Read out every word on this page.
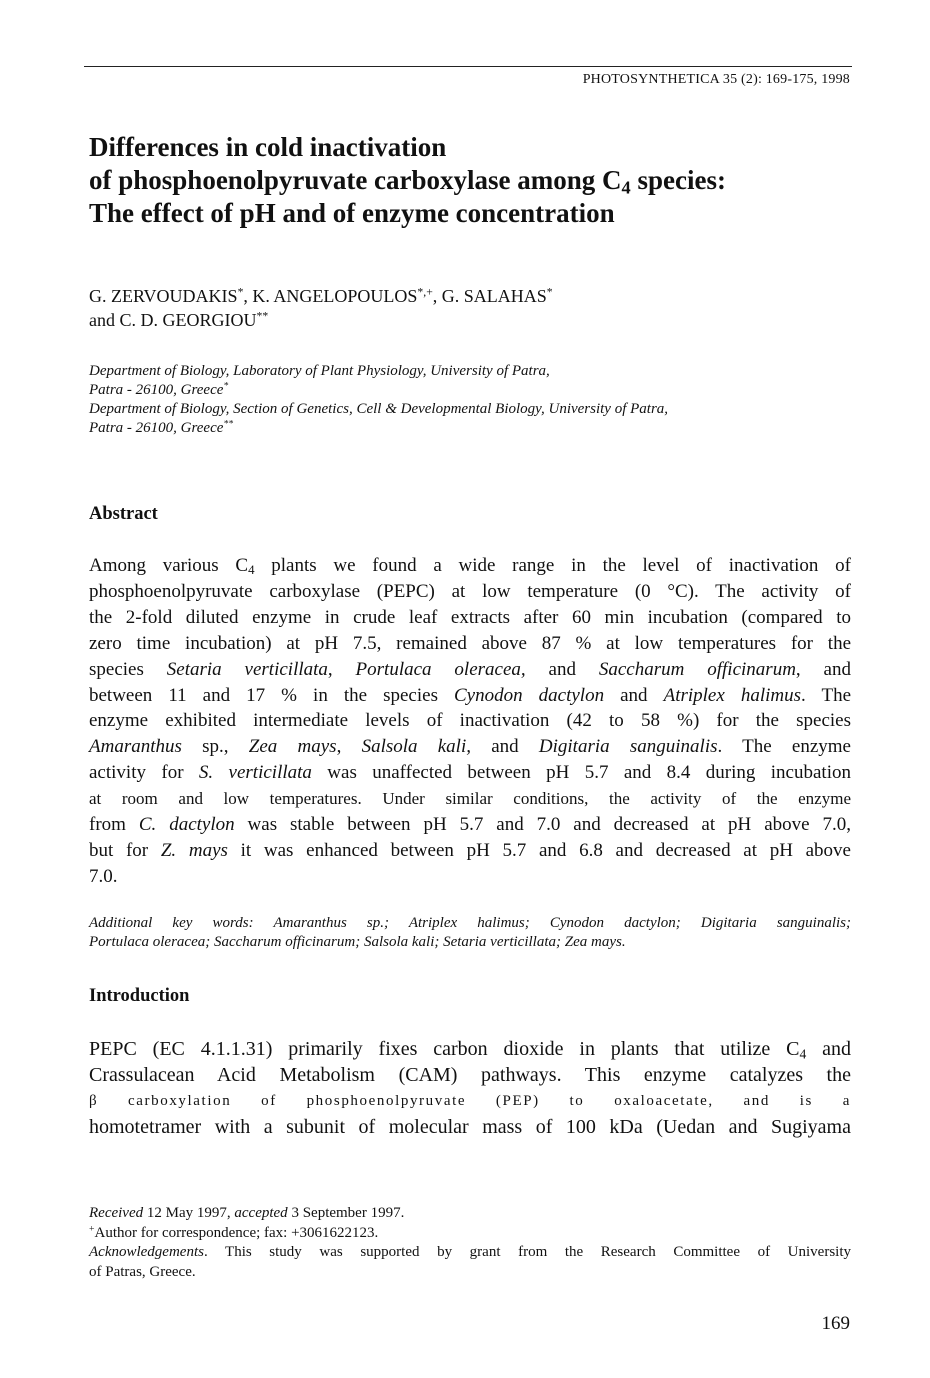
PHOTOSYNTHETICA 35 (2): 169-175, 1998
Differences in cold inactivation
of phosphoenolpyruvate carboxylase among $C_4$ species:
The effect of pH and of enzyme concentration
G. ZERVOUDAKIS*, K. ANGELOPOULOS*,+, G. SALAHAS*
and C. D. GEORGIOU**
Department of Biology, Laboratory of Plant Physiology, University of Patra,
Patra - 26100, Greece*
Department of Biology, Section of Genetics, Cell & Developmental Biology, University of Patra,
Patra - 26100, Greece**
Abstract
Among various $C_4$ plants we found a wide range in the level of inactivation of
phosphoenolpyruvate carboxylase (PEPC) at low temperature (0 °C). The activity of
the 2-fold diluted enzyme in crude leaf extracts after 60 min incubation (compared to
zero time incubation) at pH 7.5, remained above 87 % at low temperatures for the
species Setaria verticillata, Portulaca oleracea, and Saccharum officinarum, and
between 11 and 17 % in the species Cynodon dactylon and Atriplex halimus. The
enzyme exhibited intermediate levels of inactivation (42 to 58 %) for the species
Amaranthus sp., Zea mays, Salsola kali, and Digitaria sanguinalis. The enzyme
activity for S. verticillata was unaffected between pH 5.7 and 8.4 during incubation
at room and low temperatures. Under similar conditions, the activity of the enzyme
from C. dactylon was stable between pH 5.7 and 7.0 and decreased at pH above 7.0,
but for Z. mays it was enhanced between pH 5.7 and 6.8 and decreased at pH above
7.0.
Additional key words: Amaranthus sp.; Atriplex halimus; Cynodon dactylon; Digitaria sanguinalis;
Portulaca oleracea; Saccharum officinarum; Salsola kali; Setaria verticillata; Zea mays.
Introduction
PEPC (EC 4.1.1.31) primarily fixes carbon dioxide in plants that utilize $C_4$ and
Crassulacean Acid Metabolism (CAM) pathways. This enzyme catalyzes the
β carboxylation of phosphoenolpyruvate (PEP) to oxaloacetate, and is a
homotetramer with a subunit of molecular mass of 100 kDa (Uedan and Sugiyama
Received 12 May 1997, accepted 3 September 1997.
+Author for correspondence; fax: +3061622123.
Acknowledgements. This study was supported by grant from the Research Committee of University
of Patras, Greece.
169
